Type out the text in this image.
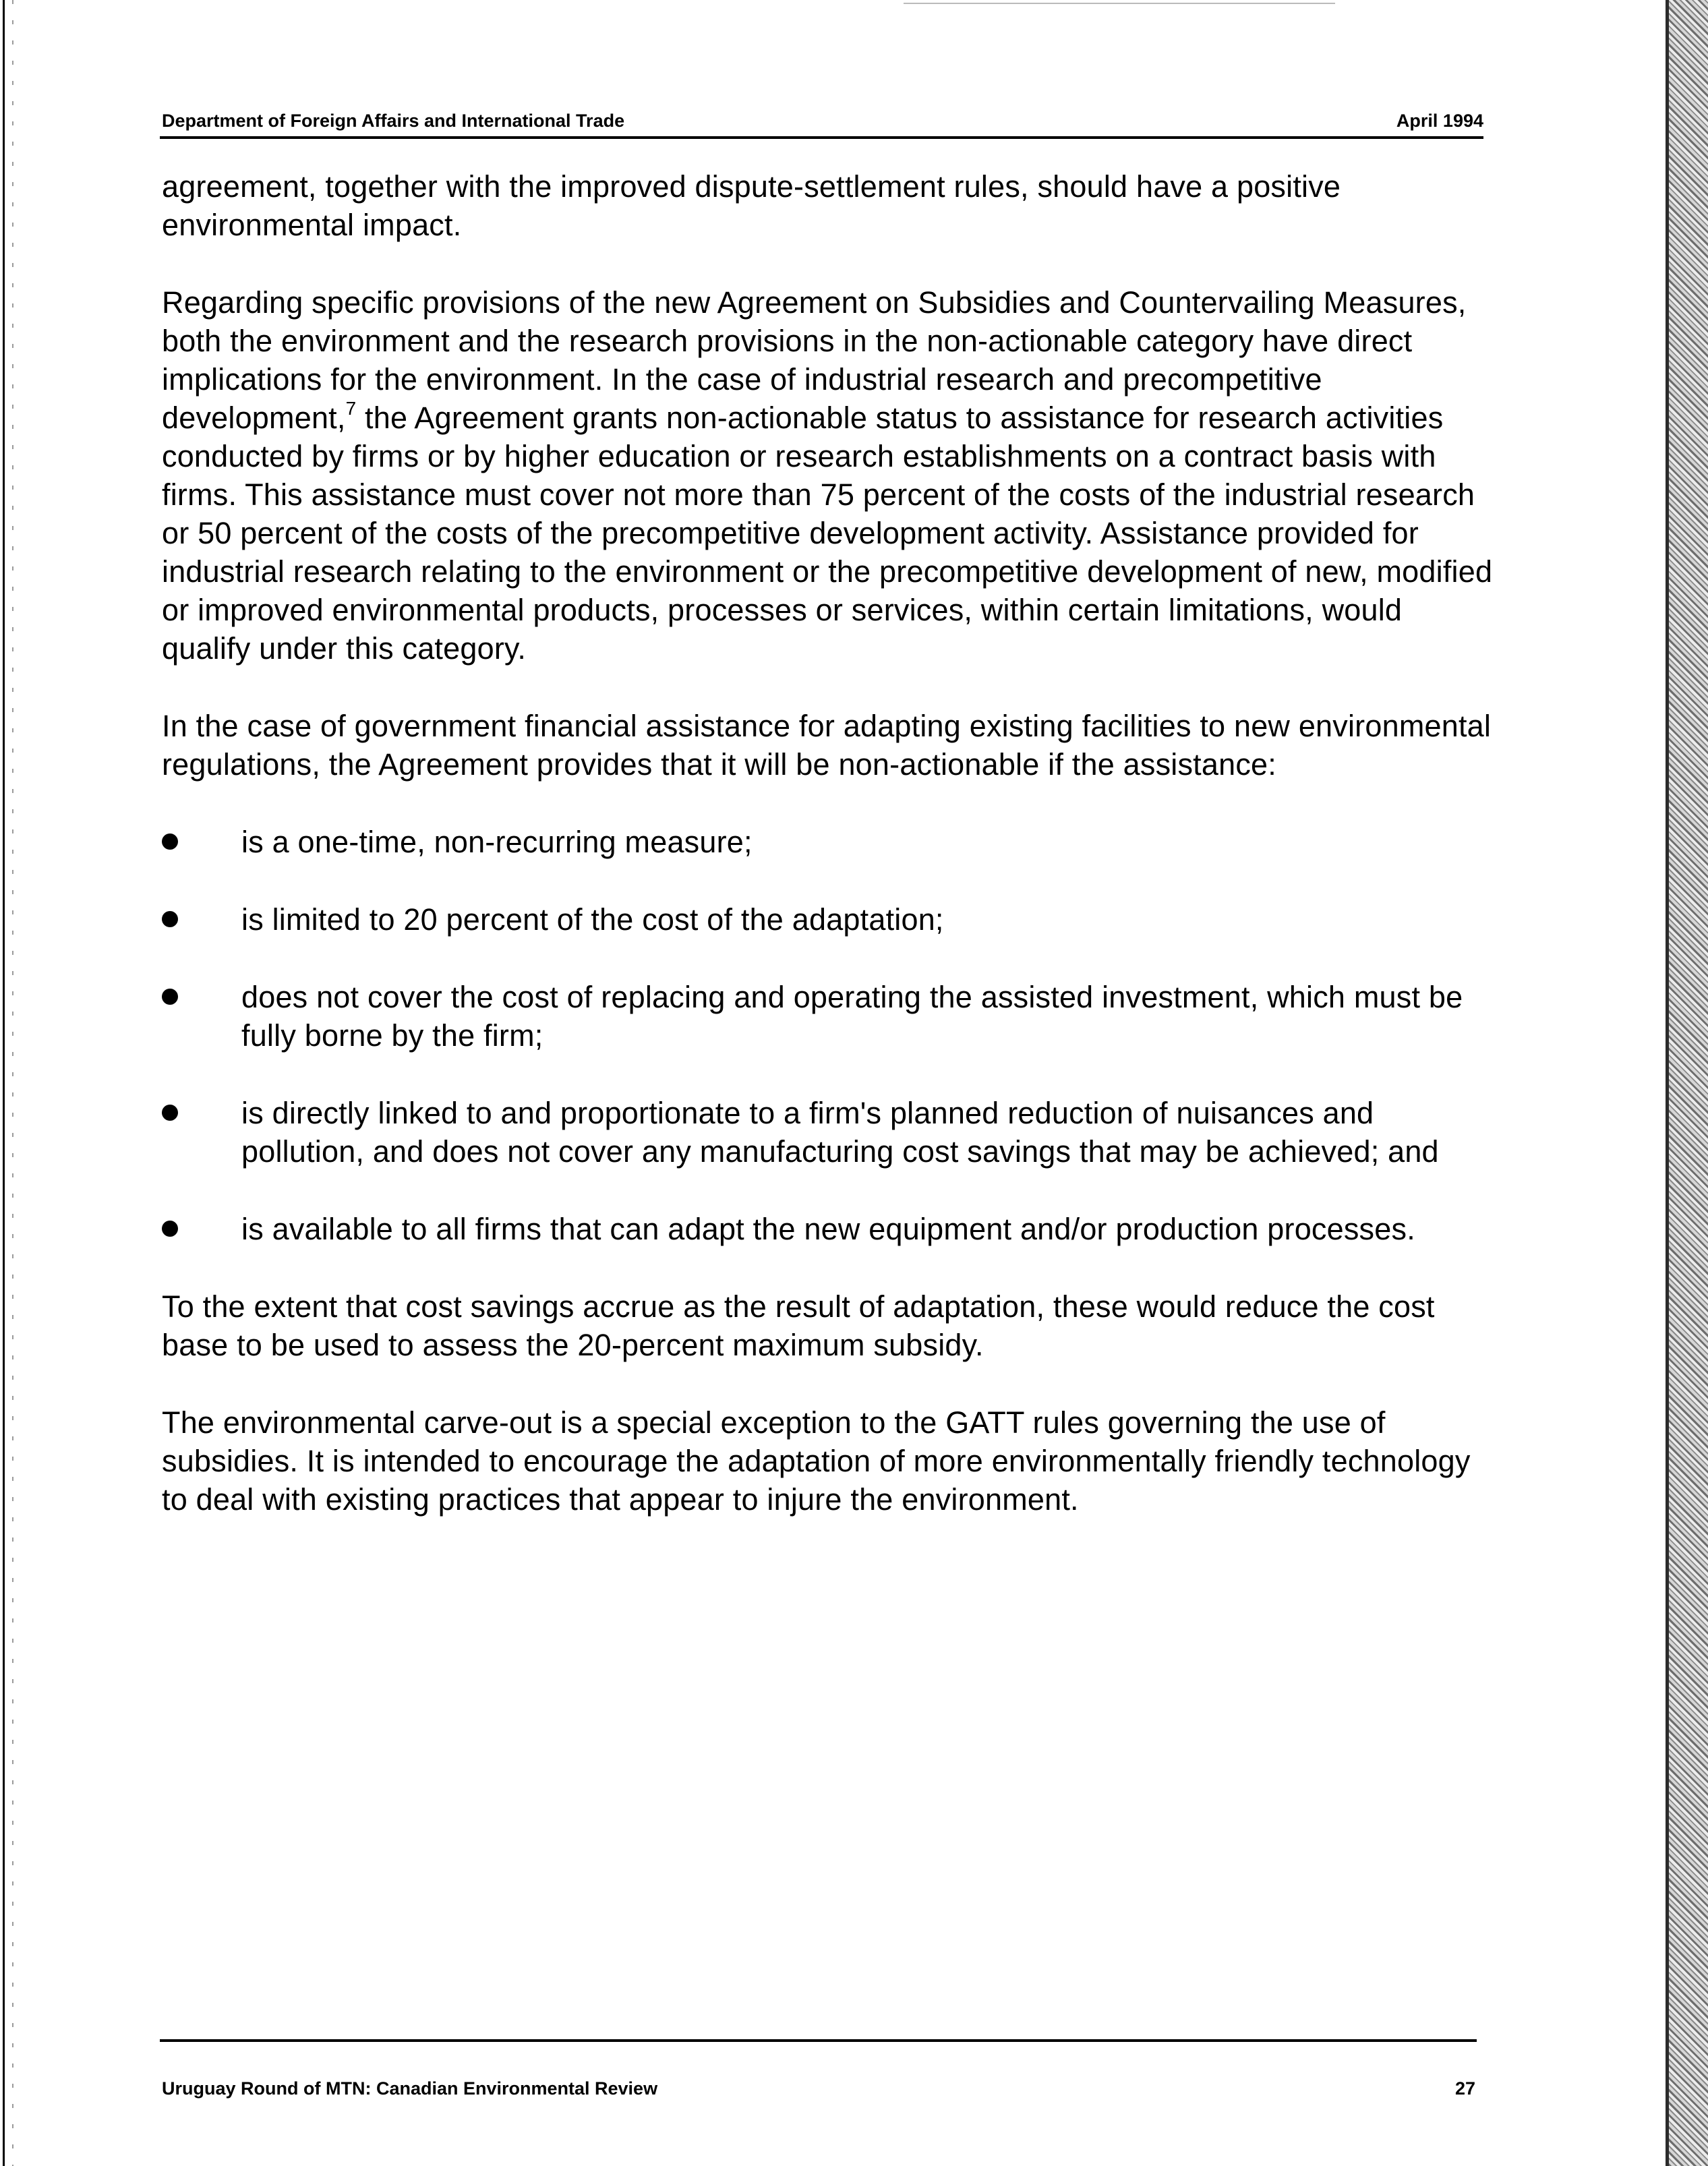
Department of Foreign Affairs and International Trade	April 1994

agreement, together with the improved dispute-settlement rules, should have a positive environmental impact.

Regarding specific provisions of the new Agreement on Subsidies and Countervailing Measures, both the environment and the research provisions in the non-actionable category have direct implications for the environment. In the case of industrial research and precompetitive development,$^7$ the Agreement grants non-actionable status to assistance for research activities conducted by firms or by higher education or research establishments on a contract basis with firms. This assistance must cover not more than 75 percent of the costs of the industrial research or 50 percent of the costs of the precompetitive development activity. Assistance provided for industrial research relating to the environment or the precompetitive development of new, modified or improved environmental products, processes or services, within certain limitations, would qualify under this category.

In the case of government financial assistance for adapting existing facilities to new environmental regulations, the Agreement provides that it will be non-actionable if the assistance:

is a one-time, non-recurring measure;
is limited to 20 percent of the cost of the adaptation;
does not cover the cost of replacing and operating the assisted investment, which must be fully borne by the firm;
is directly linked to and proportionate to a firm's planned reduction of nuisances and pollution, and does not cover any manufacturing cost savings that may be achieved; and
is available to all firms that can adapt the new equipment and/or production processes.

To the extent that cost savings accrue as the result of adaptation, these would reduce the cost base to be used to assess the 20-percent maximum subsidy.

The environmental carve-out is a special exception to the GATT rules governing the use of subsidies. It is intended to encourage the adaptation of more environmentally friendly technology to deal with existing practices that appear to injure the environment.

Uruguay Round of MTN: Canadian Environmental Review	27
